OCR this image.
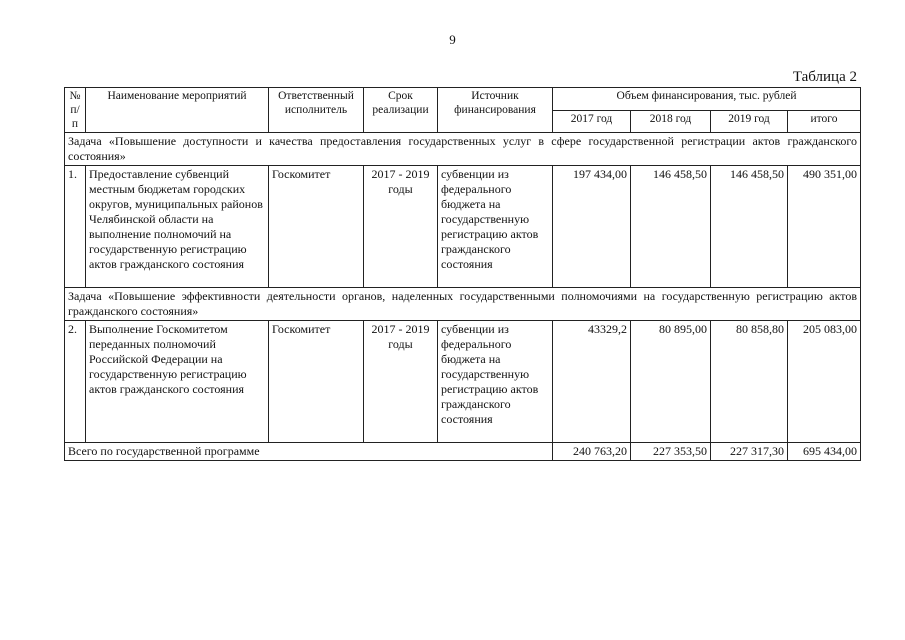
9
Таблица 2
№ п/п	Наименование мероприятий	Ответственный исполнитель	Срок реализации	Источник финансирования	Объем финансирования, тыс. рублей			
					2017 год	2018 год	2019 год	итого
Задача «Повышение доступности и качества предоставления государственных услуг в сфере государственной регистрации актов гражданского состояния»								
1.	Предоставление субвенций местным бюджетам городских округов, муниципальных районов Челябинской области на выполнение полномочий на государственную регистрацию актов гражданского состояния	Госкомитет	2017 - 2019 годы	субвенции из федерального бюджета на государственную регистрацию актов гражданского состояния	197 434,00	146 458,50	146 458,50	490 351,00
Задача «Повышение эффективности деятельности органов, наделенных государственными полномочиями на государственную регистрацию актов гражданского состояния»								
2.	Выполнение Госкомитетом переданных полномочий Российской Федерации на государственную регистрацию актов гражданского состояния	Госкомитет	2017 - 2019 годы	субвенции из федерального бюджета на государственную регистрацию актов гражданского состояния	43329,2	80 895,00	80 858,80	205 083,00
Всего по государственной программе					240 763,20	227 353,50	227 317,30	695 434,00
